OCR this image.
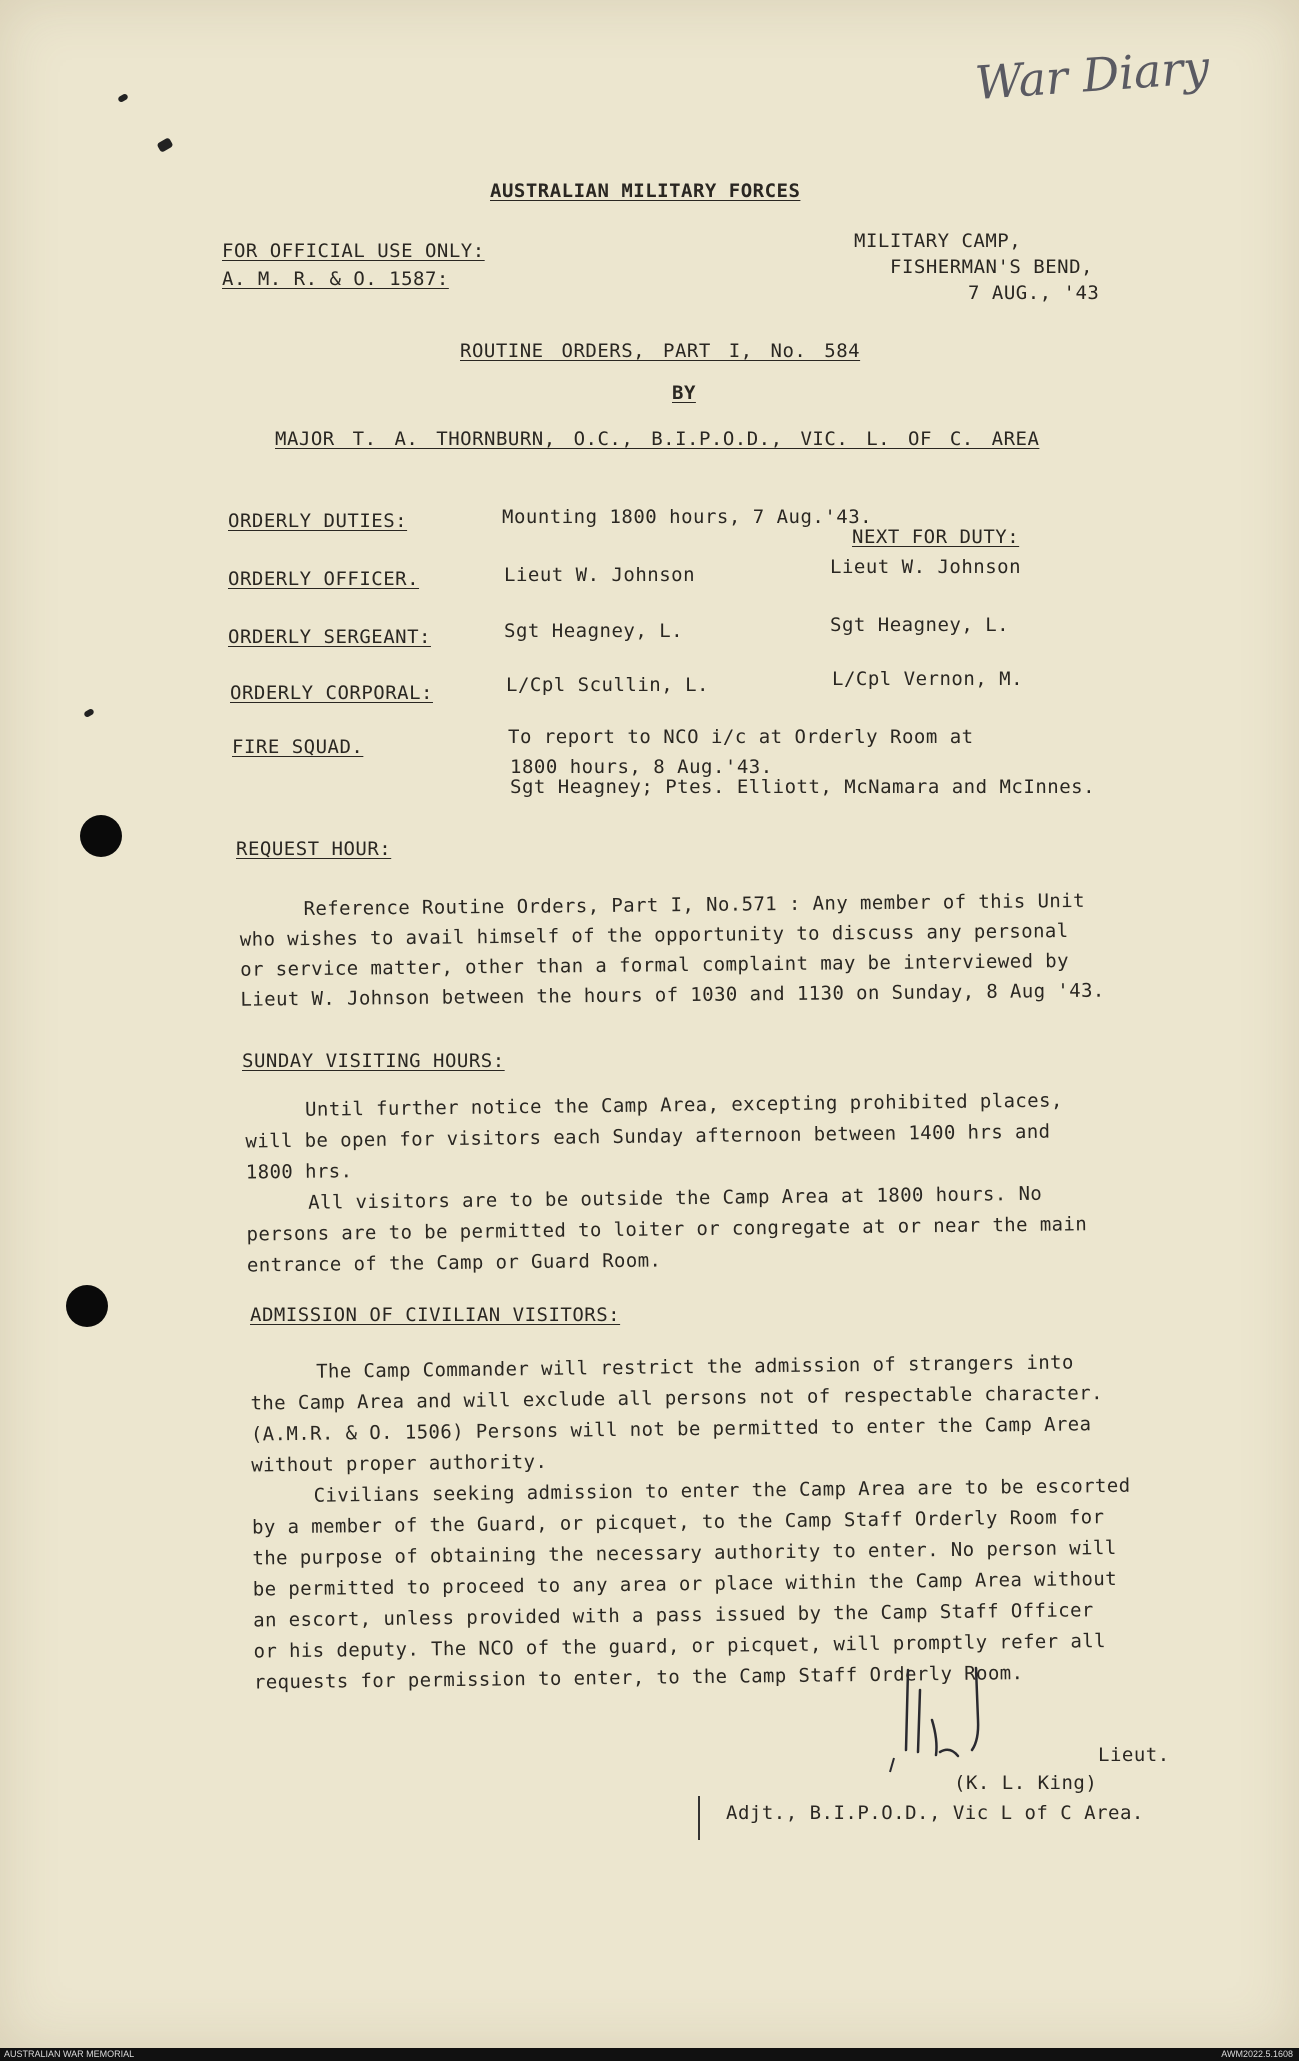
War Diary
AUSTRALIAN MILITARY FORCES
FOR OFFICIAL USE ONLY:
A. M. R. & O. 1587:
MILITARY CAMP,
FISHERMAN'S BEND,
7 AUG., '43
ROUTINE ORDERS, PART I, No. 584
BY
MAJOR T. A. THORNBURN, O.C., B.I.P.O.D., VIC. L. OF C. AREA
ORDERLY DUTIES:	Mounting 1800 hours, 7 Aug.'43.
NEXT FOR DUTY:
ORDERLY OFFICER.	Lieut W. Johnson	Lieut W. Johnson
ORDERLY SERGEANT:	Sgt Heagney, L.	Sgt Heagney, L.
ORDERLY CORPORAL:	L/Cpl Scullin, L.	L/Cpl Vernon, M.
FIRE SQUAD.	To report to NCO i/c at Orderly Room at
1800 hours, 8 Aug.'43.
Sgt Heagney; Ptes. Elliott, McNamara and McInnes.
REQUEST HOUR:
Reference Routine Orders, Part I, No.571 : Any member of this Unit
who wishes to avail himself of the opportunity to discuss any personal
or service matter, other than a formal complaint may be interviewed by
Lieut W. Johnson between the hours of 1030 and 1130 on Sunday, 8 Aug '43.
SUNDAY VISITING HOURS:
Until further notice the Camp Area, excepting prohibited places,
will be open for visitors each Sunday afternoon between 1400 hrs and
1800 hrs.
All visitors are to be outside the Camp Area at 1800 hours. No
persons are to be permitted to loiter or congregate at or near the main
entrance of the Camp or Guard Room.
ADMISSION OF CIVILIAN VISITORS:
The Camp Commander will restrict the admission of strangers into
the Camp Area and will exclude all persons not of respectable character.
(A.M.R. & O. 1506) Persons will not be permitted to enter the Camp Area
without proper authority.
Civilians seeking admission to enter the Camp Area are to be escorted
by a member of the Guard, or picquet, to the Camp Staff Orderly Room for
the purpose of obtaining the necessary authority to enter. No person will
be permitted to proceed to any area or place within the Camp Area without
an escort, unless provided with a pass issued by the Camp Staff Officer
or his deputy. The NCO of the guard, or picquet, will promptly refer all
requests for permission to enter, to the Camp Staff Orderly Room.
Lieut.
(K. L. King)
Adjt., B.I.P.O.D., Vic L of C Area.
AUSTRALIAN WAR MEMORIAL	AWM2022.5.1608
